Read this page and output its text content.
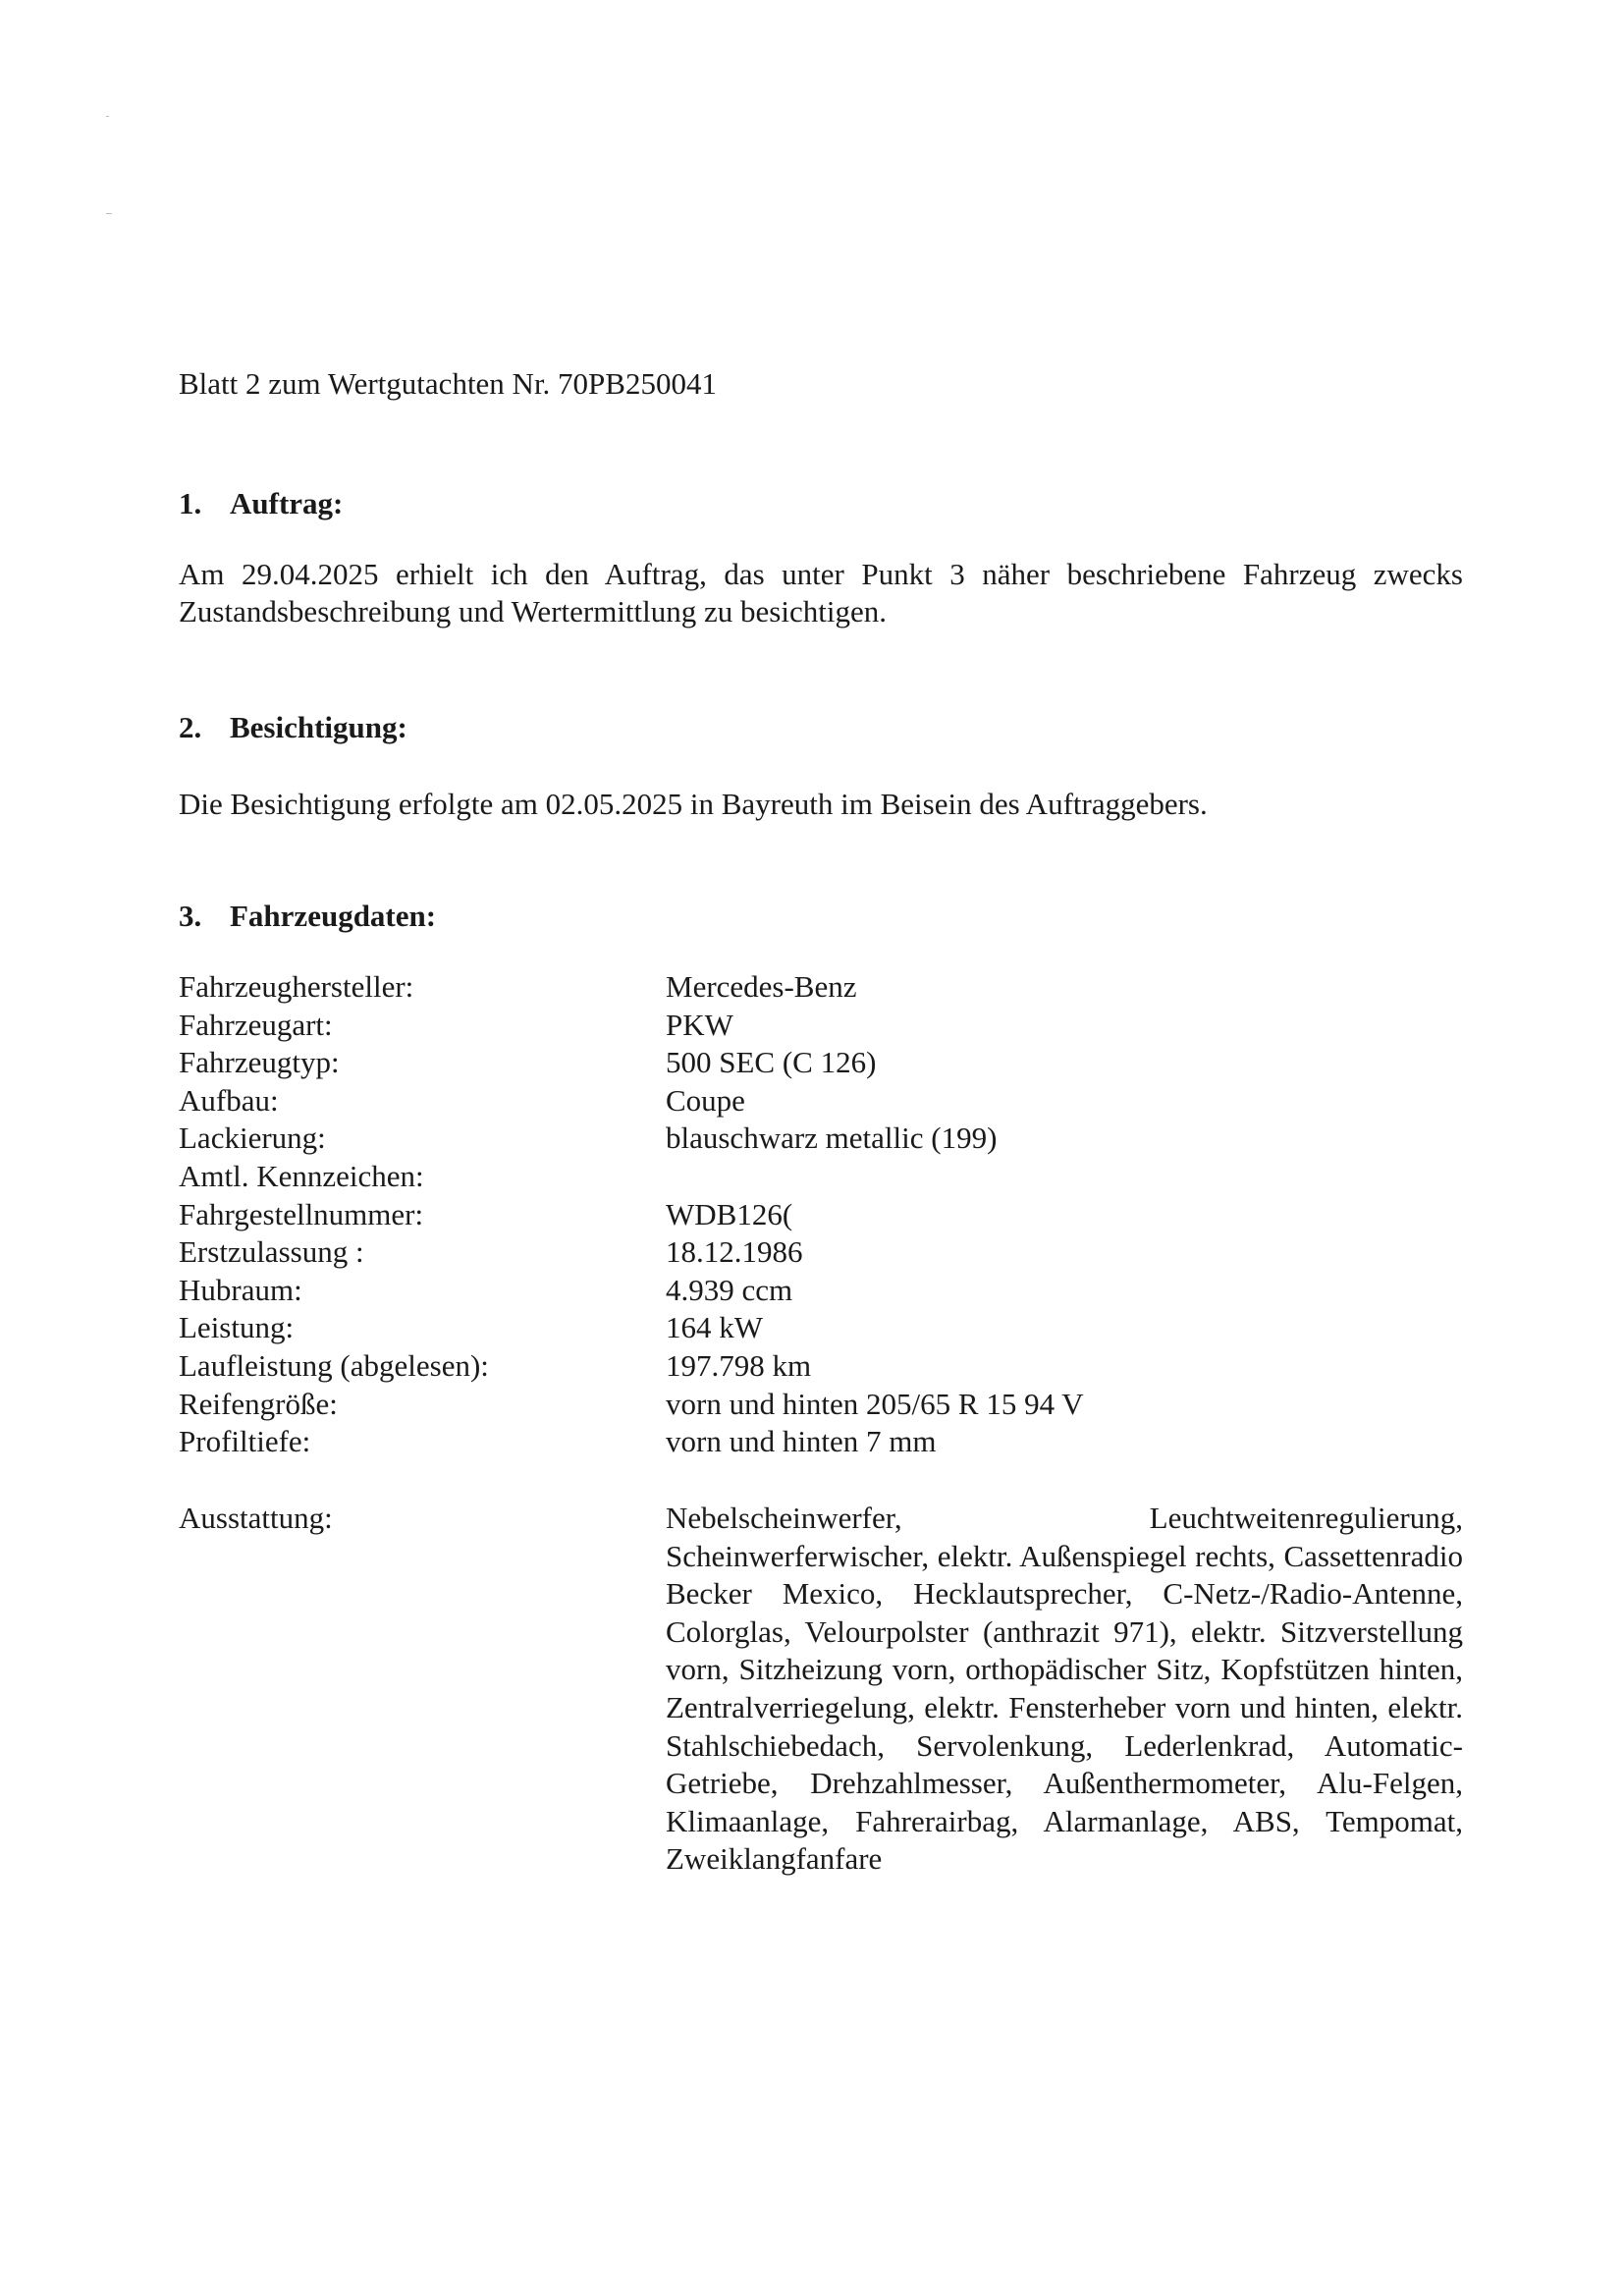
Blatt 2 zum Wertgutachten Nr. 70PB250041
1. Auftrag:
Am 29.04.2025 erhielt ich den Auftrag, das unter Punkt 3 näher beschriebene Fahrzeug zwecks Zustandsbeschreibung und Wertermittlung zu besichtigen.
2. Besichtigung:
Die Besichtigung erfolgte am 02.05.2025 in Bayreuth im Beisein des Auftraggebers.
3. Fahrzeugdaten:
Fahrzeughersteller:	Mercedes-Benz
Fahrzeugart:	PKW
Fahrzeugtyp:	500 SEC (C 126)
Aufbau:	Coupe
Lackierung:	blauschwarz metallic (199)
Amtl. Kennzeichen:
Fahrgestellnummer:	WDB126(
Erstzulassung :	18.12.1986
Hubraum:	4.939 ccm
Leistung:	164 kW
Laufleistung (abgelesen):	197.798 km
Reifengröße:	vorn und hinten 205/65 R 15 94 V
Profiltiefe:	vorn und hinten 7 mm
Ausstattung:	Nebelscheinwerfer, Leuchtweitenregulierung, Scheinwerferwischer, elektr. Außenspiegel rechts, Cassettenradio Becker Mexico, Hecklautsprecher, C-Netz-/Radio-Antenne, Colorglas, Velourpolster (anthrazit 971), elektr. Sitzverstellung vorn, Sitzheizung vorn, orthopädischer Sitz, Kopfstützen hinten, Zentralverriegelung, elektr. Fensterheber vorn und hinten, elektr. Stahlschiebedach, Servolenkung, Lederlenkrad, Automatic-Getriebe, Drehzahlmesser, Außenthermometer, Alu-Felgen, Klimaanlage, Fahrerairbag, Alarmanlage, ABS, Tempomat, Zweiklangfanfare
